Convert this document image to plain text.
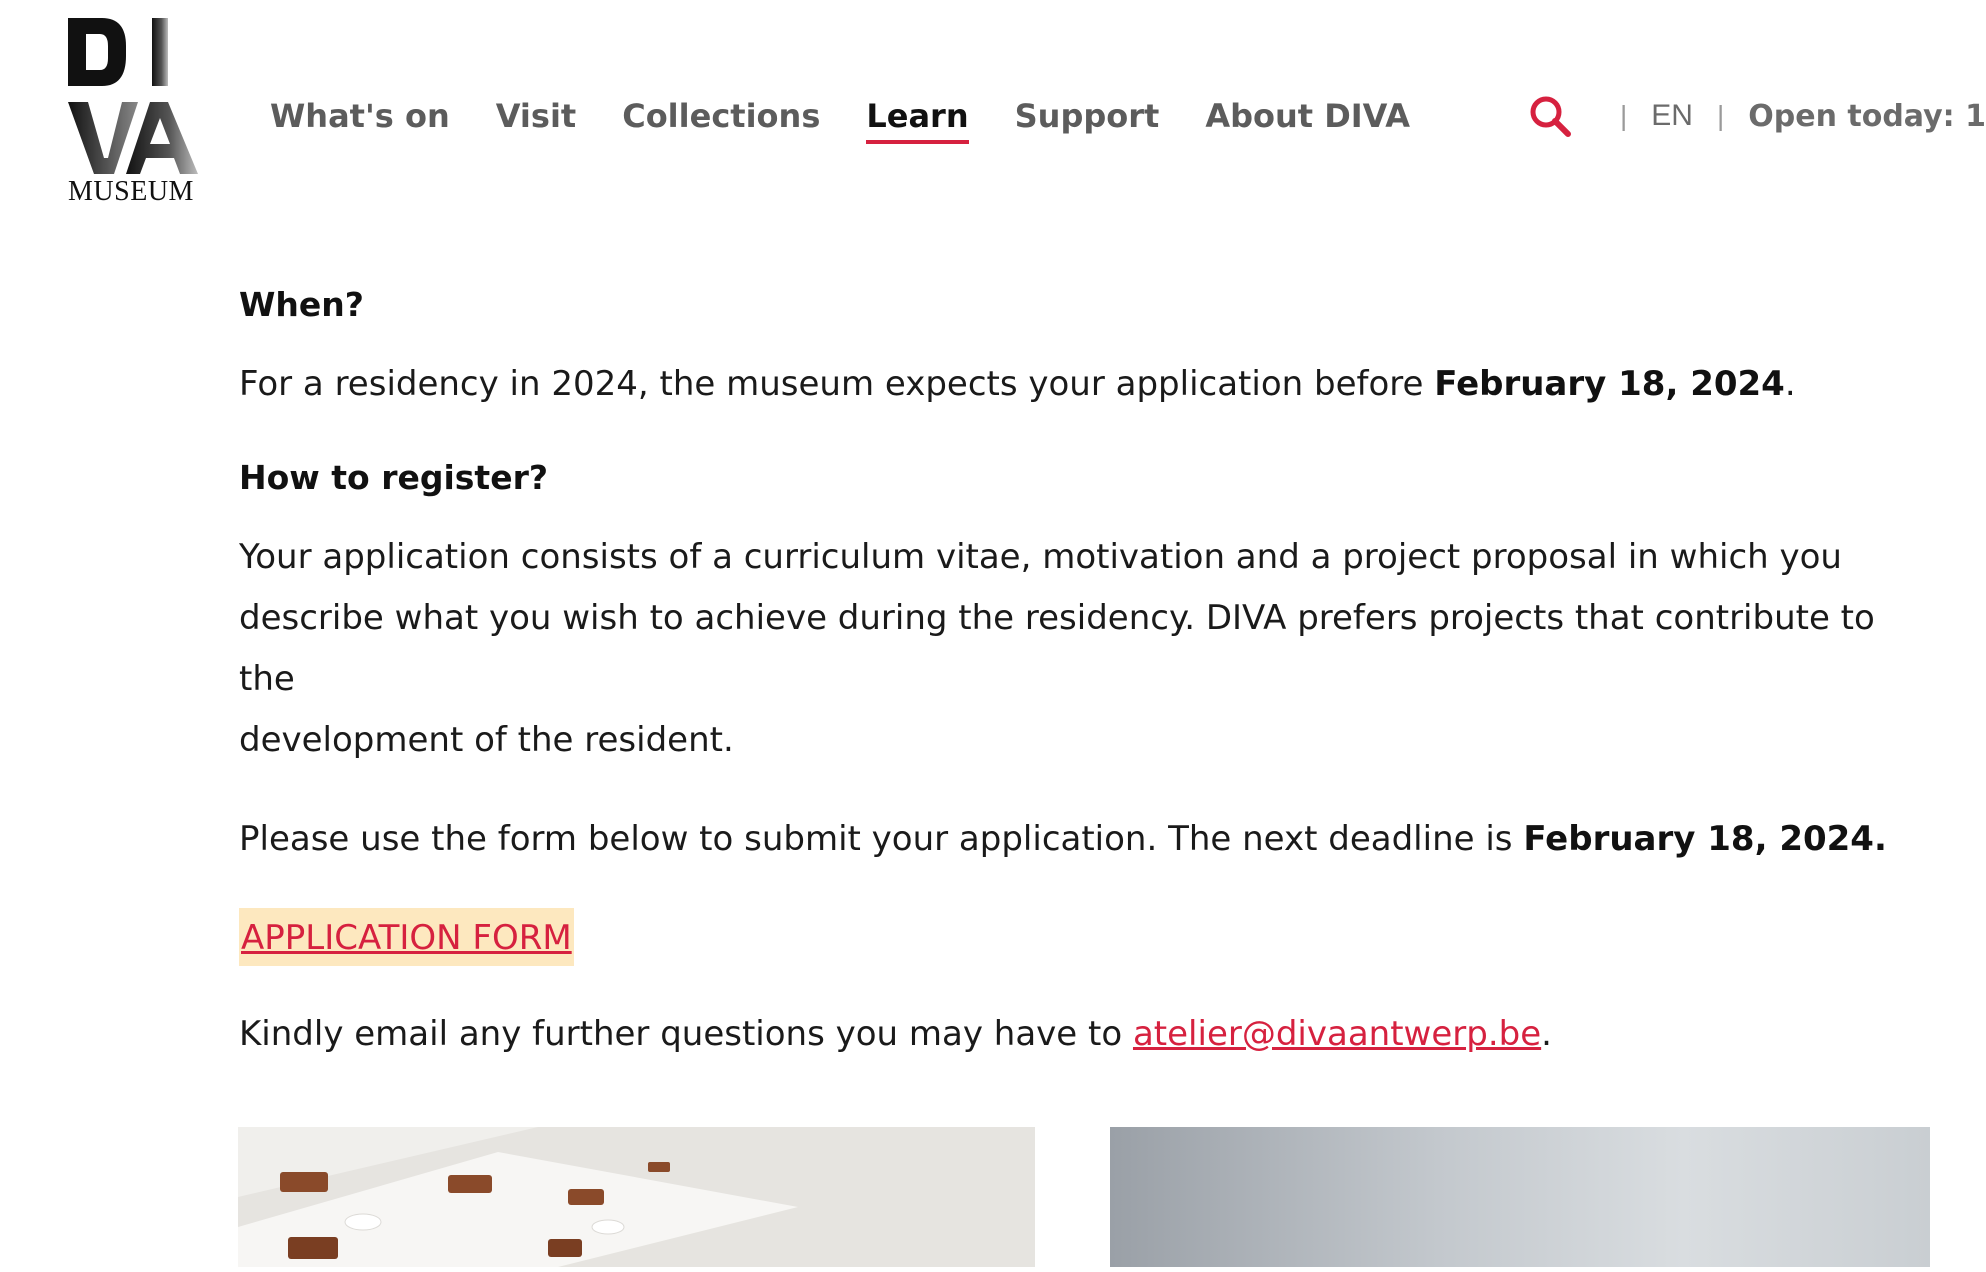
MUSEUM
What's on Visit Collections Learn Support About DIVA	| EN | Open today: 1
When?

For a residency in 2024, the museum expects your application before February 18, 2024.

How to register?

Your application consists of a curriculum vitae, motivation and a project proposal in which you
describe what you wish to achieve during the residency. DIVA prefers projects that contribute to the
development of the resident.

Please use the form below to submit your application. The next deadline is February 18, 2024.

APPLICATION FORM

Kindly email any further questions you may have to atelier@divaantwerp.be.
